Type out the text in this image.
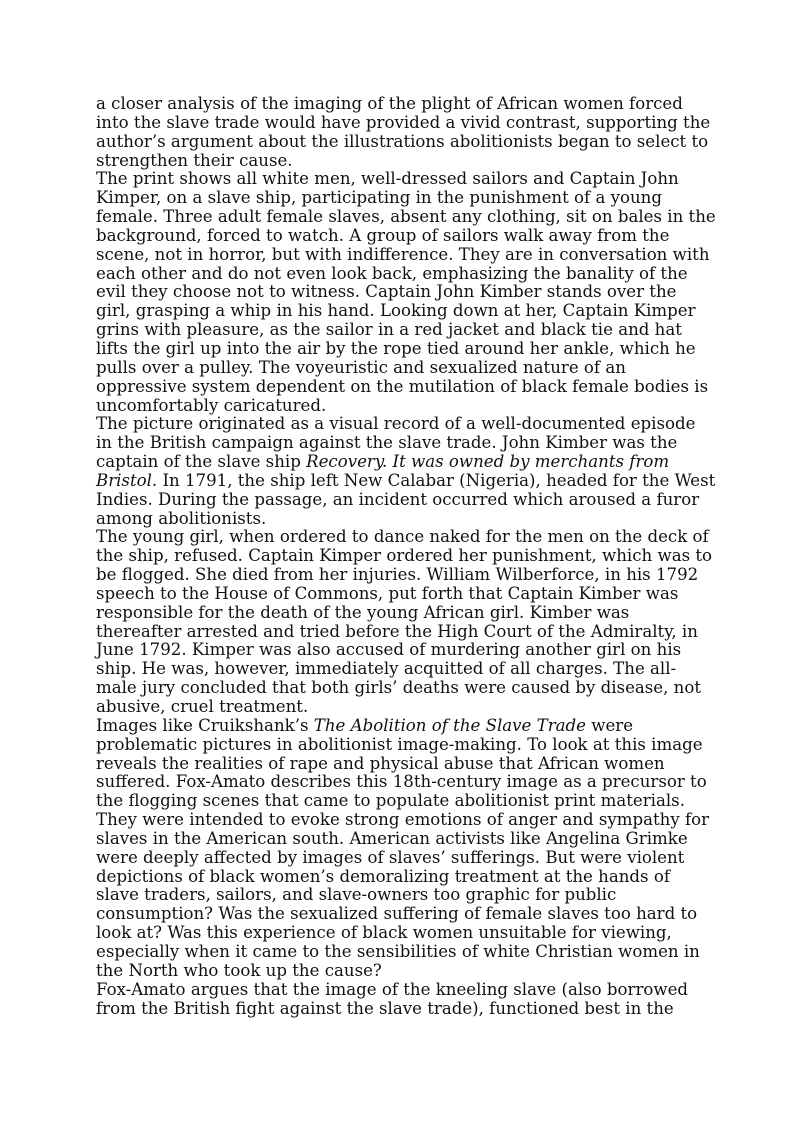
a closer analysis of the imaging of the plight of African women forced into the slave trade would have provided a vivid contrast, supporting the author’s argument about the illustrations abolitionists began to select to strengthen their cause.

The print shows all white men, well-dressed sailors and Captain John Kimper, on a slave ship, participating in the punishment of a young female. Three adult female slaves, absent any clothing, sit on bales in the background, forced to watch. A group of sailors walk away from the scene, not in horror, but with indifference. They are in conversation with each other and do not even look back, emphasizing the banality of the evil they choose not to witness. Captain John Kimber stands over the girl, grasping a whip in his hand. Looking down at her, Captain Kimper grins with pleasure, as the sailor in a red jacket and black tie and hat lifts the girl up into the air by the rope tied around her ankle, which he pulls over a pulley. The voyeuristic and sexualized nature of an oppressive system dependent on the mutilation of black female bodies is uncomfortably caricatured.

The picture originated as a visual record of a well-documented episode in the British campaign against the slave trade. John Kimber was the captain of the slave ship Recovery. It was owned by merchants from Bristol. In 1791, the ship left New Calabar (Nigeria), headed for the West Indies. During the passage, an incident occurred which aroused a furor among abolitionists.

The young girl, when ordered to dance naked for the men on the deck of the ship, refused. Captain Kimper ordered her punishment, which was to be flogged. She died from her injuries. William Wilberforce, in his 1792 speech to the House of Commons, put forth that Captain Kimber was responsible for the death of the young African girl. Kimber was thereafter arrested and tried before the High Court of the Admiralty, in June 1792. Kimper was also accused of murdering another girl on his ship. He was, however, immediately acquitted of all charges. The all-male jury concluded that both girls’ deaths were caused by disease, not abusive, cruel treatment.

Images like Cruikshank’s The Abolition of the Slave Trade were problematic pictures in abolitionist image-making. To look at this image reveals the realities of rape and physical abuse that African women suffered. Fox-Amato describes this 18th-century image as a precursor to the flogging scenes that came to populate abolitionist print materials. They were intended to evoke strong emotions of anger and sympathy for slaves in the American south. American activists like Angelina Grimke were deeply affected by images of slaves’ sufferings. But were violent depictions of black women’s demoralizing treatment at the hands of slave traders, sailors, and slave-owners too graphic for public consumption? Was the sexualized suffering of female slaves too hard to look at? Was this experience of black women unsuitable for viewing, especially when it came to the sensibilities of white Christian women in the North who took up the cause?

Fox-Amato argues that the image of the kneeling slave (also borrowed from the British fight against the slave trade), functioned best in the
